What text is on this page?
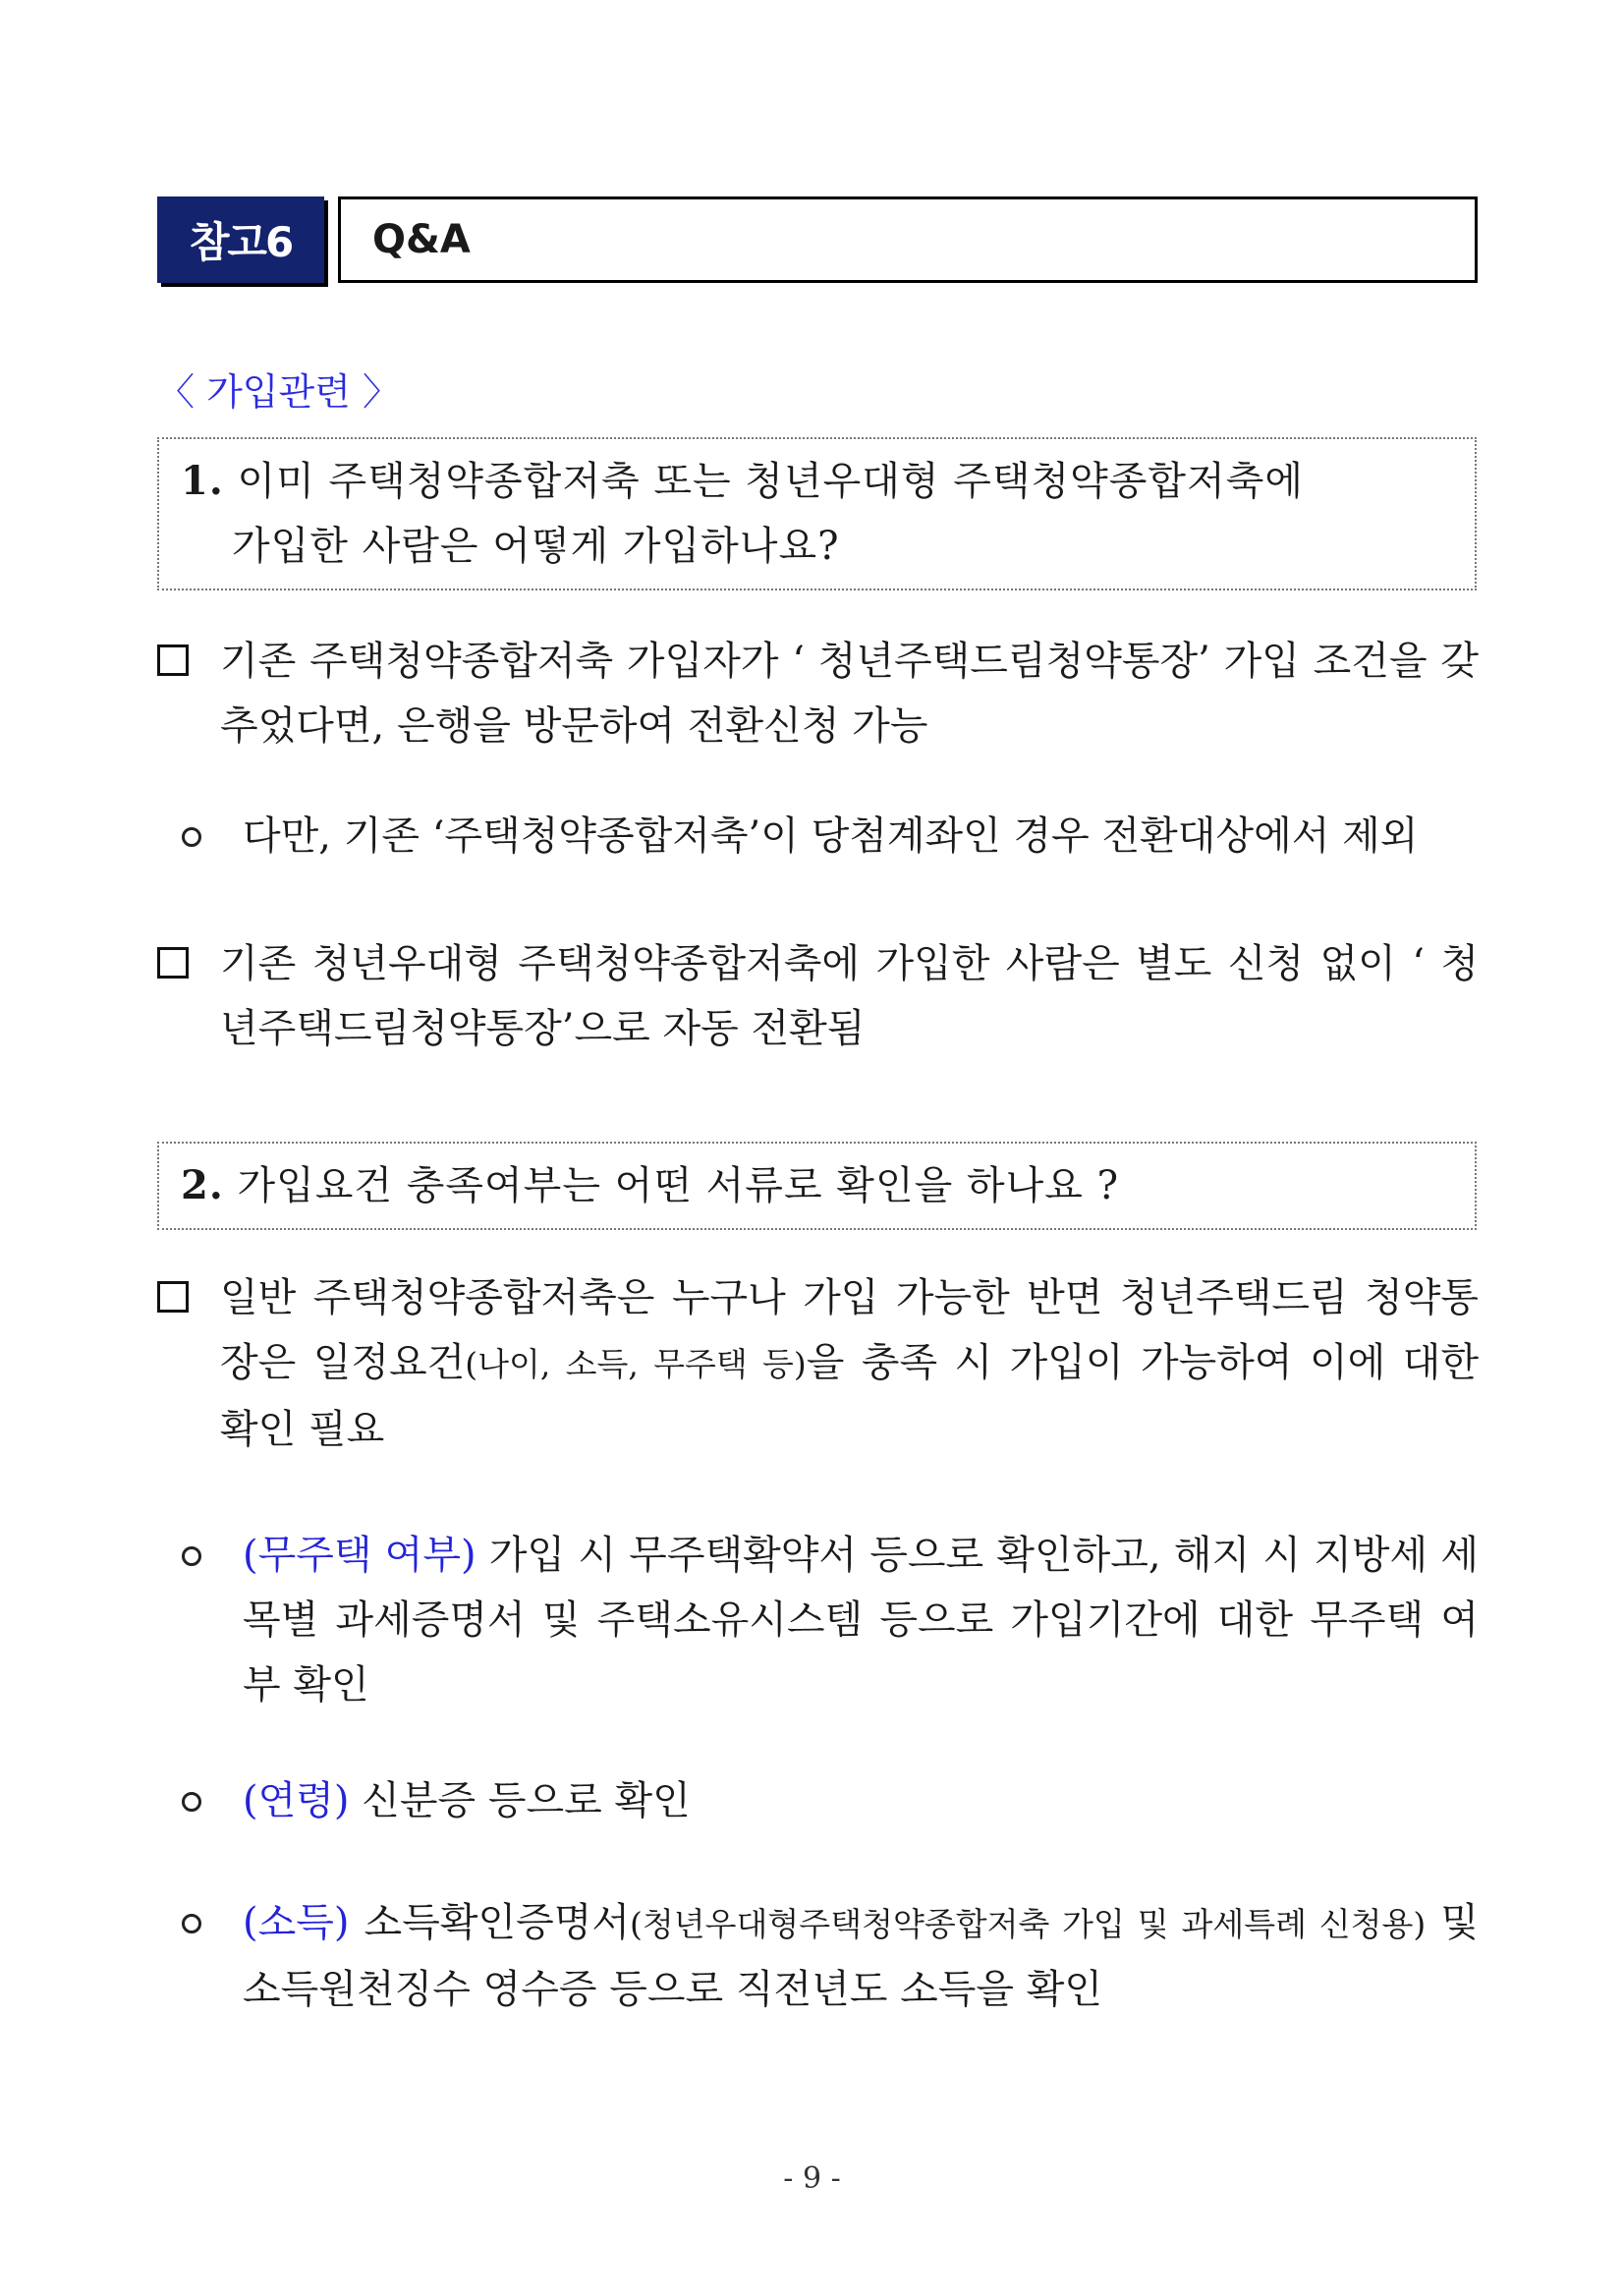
참고6	Q&A
〈 가입관련 〉
1. 이미 주택청약종합저축 또는 청년우대형 주택청약종합저축에
가입한 사람은 어떻게 가입하나요?
기존 주택청약종합저축 가입자가 ‘ 청년주택드림청약통장’ 가입 조건을 갖추었다면, 은행을 방문하여 전환신청 가능
다만, 기존 ‘주택청약종합저축’이 당첨계좌인 경우 전환대상에서 제외
기존 청년우대형 주택청약종합저축에 가입한 사람은 별도 신청 없이 ‘ 청년주택드림청약통장’으로 자동 전환됨
2. 가입요건 충족여부는 어떤 서류로 확인을 하나요 ?
일반 주택청약종합저축은 누구나 가입 가능한 반면 청년주택드림 청약통장은 일정요건(나이, 소득, 무주택 등)을 충족 시 가입이 가능하여 이에 대한 확인 필요
(무주택 여부) 가입 시 무주택확약서 등으로 확인하고, 해지 시 지방세 세목별 과세증명서 및 주택소유시스템 등으로 가입기간에 대한 무주택 여부 확인
(연령) 신분증 등으로 확인
(소득) 소득확인증명서(청년우대형주택청약종합저축 가입 및 과세특례 신청용) 및 소득원천징수 영수증 등으로 직전년도 소득을 확인
- 9 -
